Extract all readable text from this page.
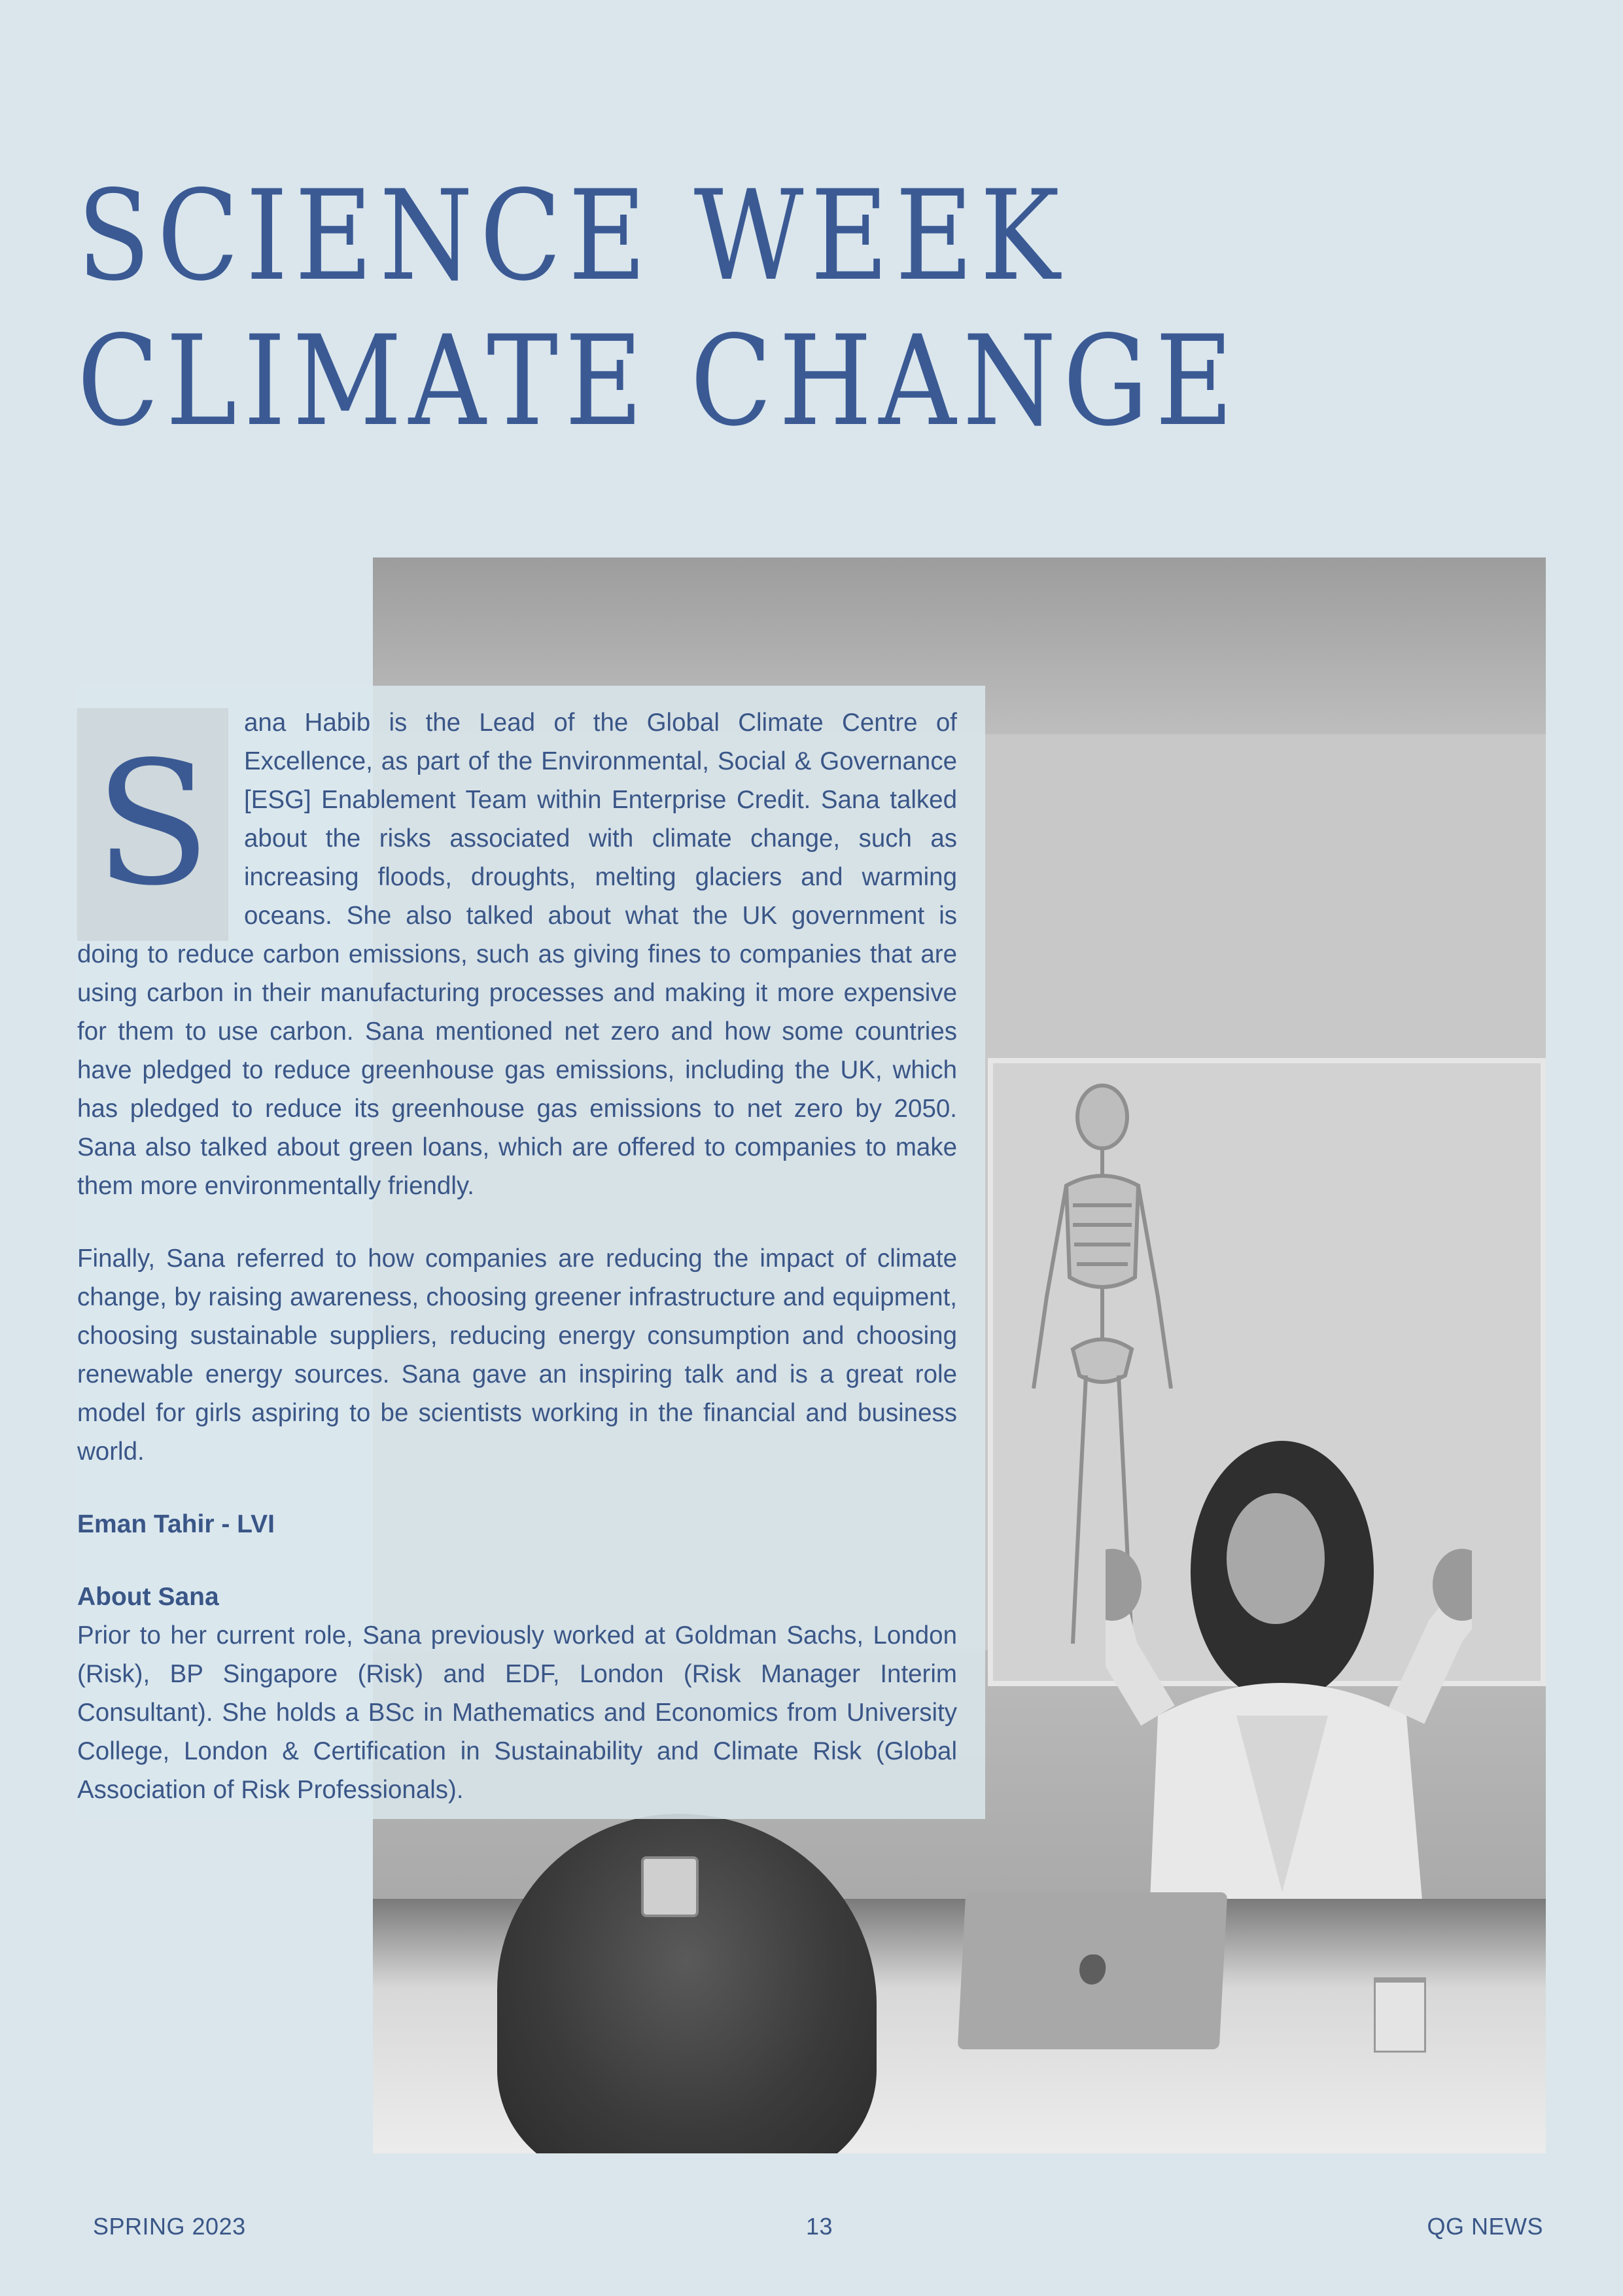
SCIENCE WEEK
CLIMATE CHANGE
S

ana Habib is the Lead of the Global Climate Centre of Excellence, as part of the Environmental, Social & Governance [ESG] Enablement Team within Enterprise Credit. Sana talked about the risks associated with climate change, such as increasing floods, droughts, melting glaciers and warming oceans. She also talked about what the UK government is doing to reduce carbon emissions, such as giving fines to companies that are using carbon in their manufacturing processes and making it more expensive for them to use carbon. Sana mentioned net zero and how some countries have pledged to reduce greenhouse gas emissions, including the UK, which has pledged to reduce its greenhouse gas emissions to net zero by 2050. Sana also talked about green loans, which are offered to companies to make them more environmentally friendly.

Finally, Sana referred to how companies are reducing the impact of climate change, by raising awareness, choosing greener infrastructure and equipment, choosing sustainable suppliers, reducing energy consumption and choosing renewable energy sources. Sana gave an inspiring talk and is a great role model for girls aspiring to be scientists working in the financial and business world.

Eman Tahir - LVI

About Sana

Prior to her current role, Sana previously worked at Goldman Sachs, London (Risk), BP Singapore (Risk) and EDF, London (Risk Manager Interim Consultant). She holds a BSc in Mathematics and Economics from University College, London & Certification in Sustainability and Climate Risk (Global Association of Risk Professionals).

SPRING 2023	13	QG NEWS
